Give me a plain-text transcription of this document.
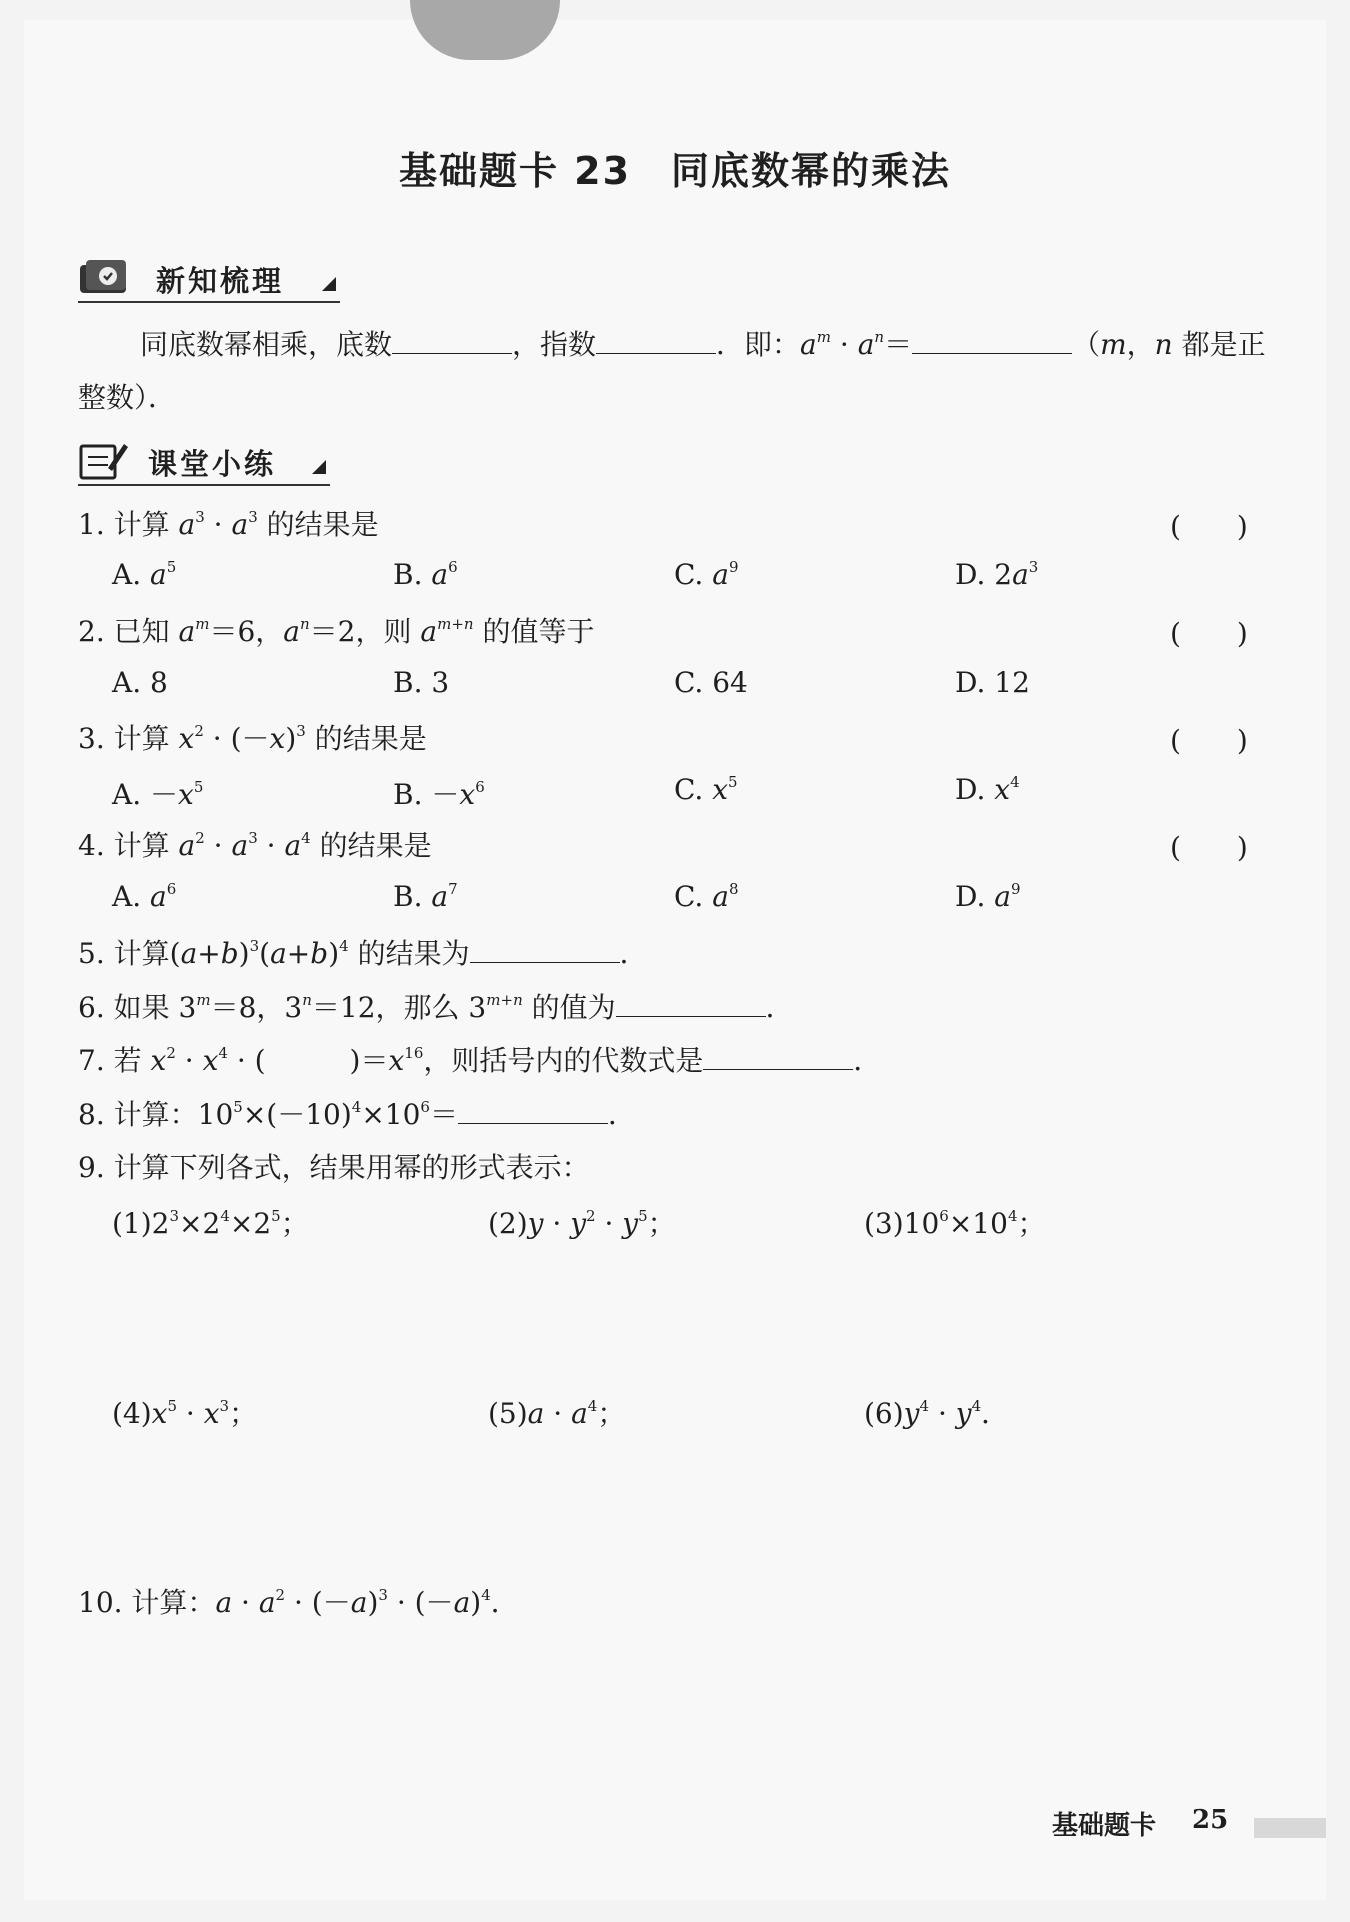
基础题卡 23　同底数幂的乘法
新知梳理
同底数幂相乘，底数	，指数	．即：$a^m \cdot a^n=$	（m，n 都是正
整数）．
课堂小练
1. 计算 $a^3 \cdot a^3$ 的结果是	(　　)
A. $a^5$	B. $a^6$	C. $a^9$	D. $2a^3$
2. 已知 $a^m=6$，$a^n=2$，则 $a^{m+n}$ 的值等于	(　　)
A. 8	B. 3	C. 64	D. 12
3. 计算 $x^2 \cdot (-x)^3$ 的结果是	(　　)
A. $-x^5$	B. $-x^6$	C. $x^5$	D. $x^4$
4. 计算 $a^2 \cdot a^3 \cdot a^4$ 的结果是	(　　)
A. $a^6$	B. $a^7$	C. $a^8$	D. $a^9$
5. 计算$(a+b)^3(a+b)^4$ 的结果为	．
6. 如果 $3^m=8$，$3^n=12$，那么 $3^{m+n}$ 的值为	．
7. 若 $x^2 \cdot x^4$ · (　　　)$=x^{16}$，则括号内的代数式是	．
8. 计算：$10^5\times(-10)^4\times 10^6=$	．
9. 计算下列各式，结果用幂的形式表示：
$(1)2^3\times 2^4\times 2^5$；	$(2)y \cdot y^2 \cdot y^5$；	$(3)10^6\times 10^4$；
$(4)x^5 \cdot x^3$；	$(5)a \cdot a^4$；	$(6)y^4 \cdot y^4$．
10. 计算：$a \cdot a^2 \cdot (-a)^3 \cdot (-a)^4$．
基础题卡 25
